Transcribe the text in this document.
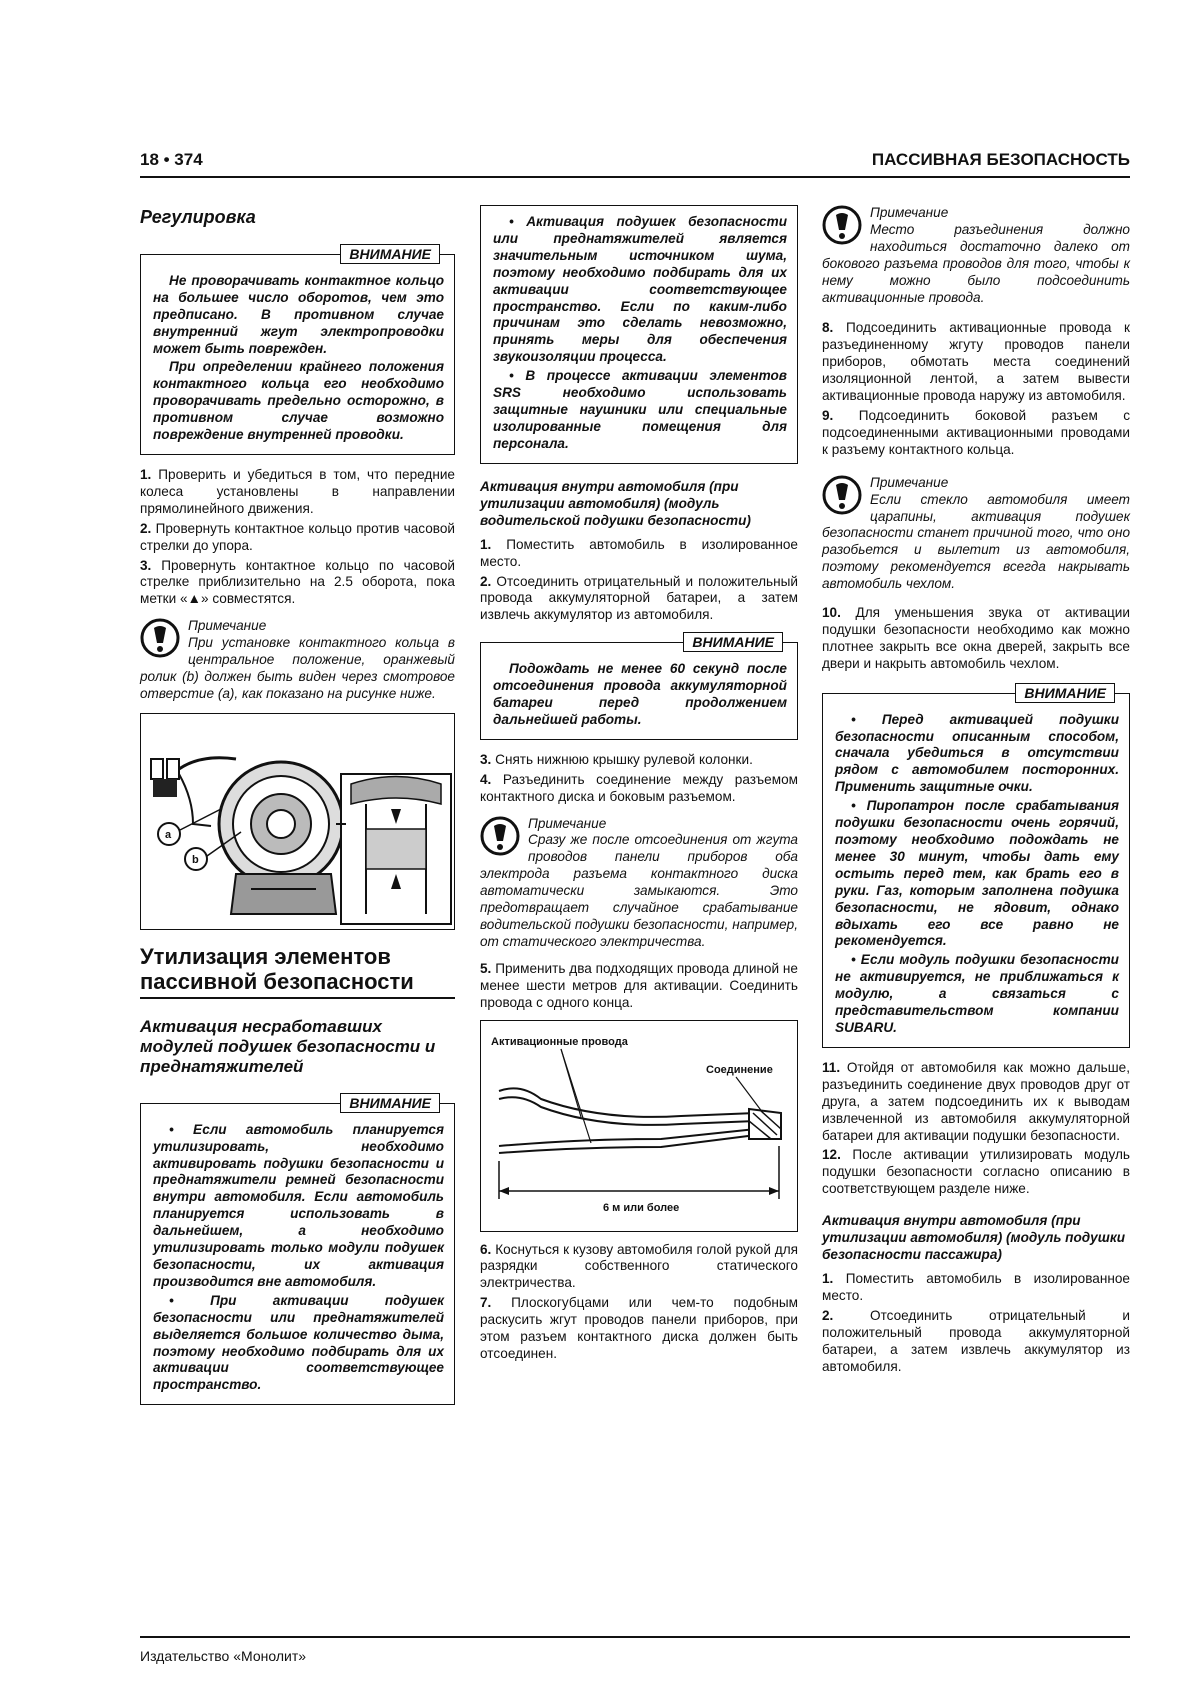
18 • 374	ПАССИВНАЯ БЕЗОПАСНОСТЬ
Регулировка
ВНИМАНИЕ

Не проворачивать контактное кольцо на большее число оборотов, чем это предписано. В противном случае внутренний жгут электропроводки может быть поврежден.

При определении крайнего положения контактного кольца его необходимо проворачивать предельно осторожно, в противном случае возможно повреждение внутренней проводки.

1. Проверить и убедиться в том, что передние колеса установлены в направлении прямолинейного движения.

2. Провернуть контактное кольцо против часовой стрелки до упора.

3. Провернуть контактное кольцо по часовой стрелке приблизительно на 2.5 оборота, пока метки «▲» совместятся.

Примечание
При установке контактного кольца в центральное положение, оранжевый ролик (b) должен быть виден через смотровое отверстие (a), как показано на рисунке ниже.
a
b
Утилизация элементов пассивной безопасности
Активация несработавших модулей подушек безопасности и преднатяжителей
ВНИМАНИЕ

• Если автомобиль планируется утилизировать, необходимо активировать подушки безопасности и преднатяжители ремней безопасности внутри автомобиля. Если автомобиль планируется использовать в дальнейшем, а необходимо утилизировать только модули подушек безопасности, их активация производится вне автомобиля.

• При активации подушек безопасности или преднатяжителей выделяется большое количество дыма, поэтому необходимо подбирать для их активации соответствующее пространство.

• Активация подушек безопасности или преднатяжителей является значительным источником шума, поэтому необходимо подбирать для их активации соответствующее пространство. Если по каким-либо причинам это сделать невозможно, принять меры для обеспечения звукоизоляции процесса.

• В процессе активации элементов SRS необходимо использовать защитные наушники или специальные изолированные помещения для персонала.

Активация внутри автомобиля (при утилизации автомобиля) (модуль водительской подушки безопасности)

1. Поместить автомобиль в изолированное место.

2. Отсоединить отрицательный и положительный провода аккумуляторной батареи, а затем извлечь аккумулятор из автомобиля.

ВНИМАНИЕ

Подождать не менее 60 секунд после отсоединения провода аккумуляторной батареи перед продолжением дальнейшей работы.

3. Снять нижнюю крышку рулевой колонки.

4. Разъединить соединение между разъемом контактного диска и боковым разъемом.

Примечание
Сразу же после отсоединения от жгута проводов панели приборов оба электрода разъема контактного диска автоматически замыкаются. Это предотвращает случайное срабатывание водительской подушки безопасности, например, от статического электричества.

5. Применить два подходящих провода длиной не менее шести метров для активации. Соединить провода с одного конца.

Активационные провода
Соединение
6 м или более

6. Коснуться к кузову автомобиля голой рукой для разрядки собственного статического электричества.

7. Плоскогубцами или чем-то подобным раскусить жгут проводов панели приборов, при этом разъем контактного диска должен быть отсоединен.

Примечание
Место разъединения должно находиться достаточно далеко от бокового разъема проводов для того, чтобы к нему можно было подсоединить активационные провода.

8. Подсоединить активационные провода к разъединенному жгуту проводов панели приборов, обмотать места соединений изоляционной лентой, а затем вывести активационные провода наружу из автомобиля.

9. Подсоединить боковой разъем с подсоединенными активационными проводами к разъему контактного кольца.

Примечание
Если стекло автомобиля имеет царапины, активация подушек безопасности станет причиной того, что оно разобьется и вылетит из автомобиля, поэтому рекомендуется всегда накрывать автомобиль чехлом.

10. Для уменьшения звука от активации подушки безопасности необходимо как можно плотнее закрыть все окна дверей, закрыть все двери и накрыть автомобиль чехлом.

ВНИМАНИЕ

• Перед активацией подушки безопасности описанным способом, сначала убедиться в отсутствии рядом с автомобилем посторонних. Применить защитные очки.

• Пиропатрон после срабатывания подушки безопасности очень горячий, поэтому необходимо подождать не менее 30 минут, чтобы дать ему остыть перед тем, как брать его в руки. Газ, которым заполнена подушка безопасности, не ядовит, однако вдыхать его все равно не рекомендуется.

• Если модуль подушки безопасности не активируется, не приближаться к модулю, а связаться с представительством компании SUBARU.

11. Отойдя от автомобиля как можно дальше, разъединить соединение двух проводов друг от друга, а затем подсоединить их к выводам извлеченной из автомобиля аккумуляторной батареи для активации подушки безопасности.

12. После активации утилизировать модуль подушки безопасности согласно описанию в соответствующем разделе ниже.

Активация внутри автомобиля (при утилизации автомобиля) (модуль подушки безопасности пассажира)

1. Поместить автомобиль в изолированное место.

2.	Отсоединить отрицательный и положительный провода аккумуляторной батареи, а затем извлечь аккумулятор из автомобиля.

Издательство «Монолит»
